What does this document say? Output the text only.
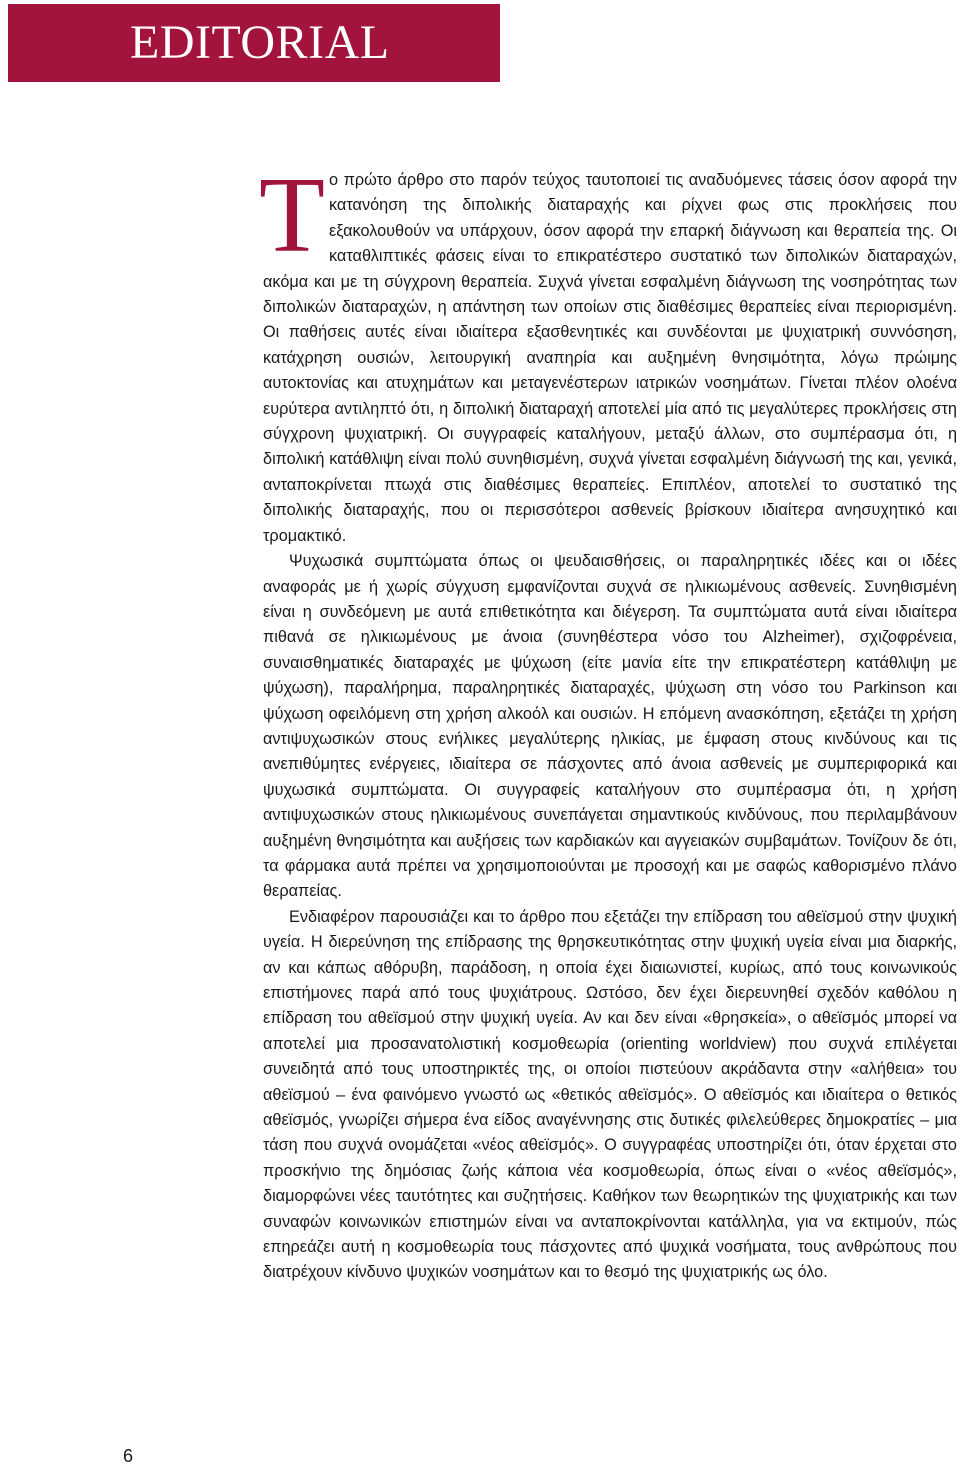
EDITORIAL

Tο πρώτο άρθρο στο παρόν τεύχος ταυτοποιεί τις αναδυόμενες τάσεις όσον αφορά την κατανόηση της διπολικής διαταραχής και ρίχνει φως στις προκλήσεις που εξακολουθούν να υπάρχουν, όσον αφορά την επαρκή διάγνωση και θεραπεία της. Οι καταθλιπτικές φάσεις είναι το επικρατέστερο συστατικό των διπολικών διαταραχών, ακόμα και με τη σύγχρονη θεραπεία. Συχνά γίνεται εσφαλμένη διάγνωση της νοσηρότητας των διπολικών διαταραχών, η απάντηση των οποίων στις διαθέσιμες θεραπείες είναι περιορισμένη. Οι παθήσεις αυτές είναι ιδιαίτερα εξασθενητικές και συνδέονται με ψυχιατρική συννόσηση, κατάχρηση ουσιών, λειτουργική αναπηρία και αυξημένη θνησιμότητα, λόγω πρώιμης αυτοκτονίας και ατυχημάτων και μεταγενέστερων ιατρικών νοσημάτων. Γίνεται πλέον ολοένα ευρύτερα αντιληπτό ότι, η διπολική διαταραχή αποτελεί μία από τις μεγαλύτερες προκλήσεις στη σύγχρονη ψυχιατρική. Οι συγγραφείς καταλήγουν, μεταξύ άλλων, στο συμπέρασμα ότι, η διπολική κατάθλιψη είναι πολύ συνηθισμένη, συχνά γίνεται εσφαλμένη διάγνωσή της και, γενικά, ανταποκρίνεται πτωχά στις διαθέσιμες θεραπείες. Επιπλέον, αποτελεί το συστατικό της διπολικής διαταραχής, που οι περισσότεροι ασθενείς βρίσκουν ιδιαίτερα ανησυχητικό και τρομακτικό.

Ψυχωσικά συμπτώματα όπως οι ψευδαισθήσεις, οι παραληρητικές ιδέες και οι ιδέες αναφοράς με ή χωρίς σύγχυση εμφανίζονται συχνά σε ηλικιωμένους ασθενείς. Συνηθισμένη είναι η συνδεόμενη με αυτά επιθετικότητα και διέγερση. Τα συμπτώματα αυτά είναι ιδιαίτερα πιθανά σε ηλικιωμένους με άνοια (συνηθέστερα νόσο του Alzheimer), σχιζοφρένεια, συναισθηματικές διαταραχές με ψύχωση (είτε μανία είτε την επικρατέστερη κατάθλιψη με ψύχωση), παραλήρημα, παραληρητικές διαταραχές, ψύχωση στη νόσο του Parkinson και ψύχωση οφειλόμενη στη χρήση αλκοόλ και ουσιών. Η επόμενη ανασκόπηση, εξετάζει τη χρήση αντιψυχωσικών στους ενήλικες μεγαλύτερης ηλικίας, με έμφαση στους κινδύνους και τις ανεπιθύμητες ενέργειες, ιδιαίτερα σε πάσχοντες από άνοια ασθενείς με συμπεριφορικά και ψυχωσικά συμπτώματα. Οι συγγραφείς καταλήγουν στο συμπέρασμα ότι, η χρήση αντιψυχωσικών στους ηλικιωμένους συνεπάγεται σημαντικούς κινδύνους, που περιλαμβάνουν αυξημένη θνησιμότητα και αυξήσεις των καρδιακών και αγγειακών συμβαμάτων. Τονίζουν δε ότι, τα φάρμακα αυτά πρέπει να χρησιμοποιούνται με προσοχή και με σαφώς καθορισμένο πλάνο θεραπείας.

Ενδιαφέρον παρουσιάζει και το άρθρο που εξετάζει την επίδραση του αθεϊσμού στην ψυχική υγεία. Η διερεύνηση της επίδρασης της θρησκευτικότητας στην ψυχική υγεία είναι μια διαρκής, αν και κάπως αθόρυβη, παράδοση, η οποία έχει διαιωνιστεί, κυρίως, από τους κοινωνικούς επιστήμονες παρά από τους ψυχιάτρους. Ωστόσο, δεν έχει διερευνηθεί σχεδόν καθόλου η επίδραση του αθεϊσμού στην ψυχική υγεία. Αν και δεν είναι «θρησκεία», ο αθεϊσμός μπορεί να αποτελεί μια προσανατολιστική κοσμοθεωρία (orienting worldview) που συχνά επιλέγεται συνειδητά από τους υποστηρικτές της, οι οποίοι πιστεύουν ακράδαντα στην «αλήθεια» του αθεϊσμού – ένα φαινόμενο γνωστό ως «θετικός αθεϊσμός». Ο αθεϊσμός και ιδιαίτερα ο θετικός αθεϊσμός, γνωρίζει σήμερα ένα είδος αναγέννησης στις δυτικές φιλελεύθερες δημοκρατίες – μια τάση που συχνά ονομάζεται «νέος αθεϊσμός». Ο συγγραφέας υποστηρίζει ότι, όταν έρχεται στο προσκήνιο της δημόσιας ζωής κάποια νέα κοσμοθεωρία, όπως είναι ο «νέος αθεϊσμός», διαμορφώνει νέες ταυτότητες και συζητήσεις. Καθήκον των θεωρητικών της ψυχιατρικής και των συναφών κοινωνικών επιστημών είναι να ανταποκρίνονται κατάλληλα, για να εκτιμούν, πώς επηρεάζει αυτή η κοσμοθεωρία τους πάσχοντες από ψυχικά νοσήματα, τους ανθρώπους που διατρέχουν κίνδυνο ψυχικών νοσημάτων και το θεσμό της ψυχιατρικής ως όλο.

6
